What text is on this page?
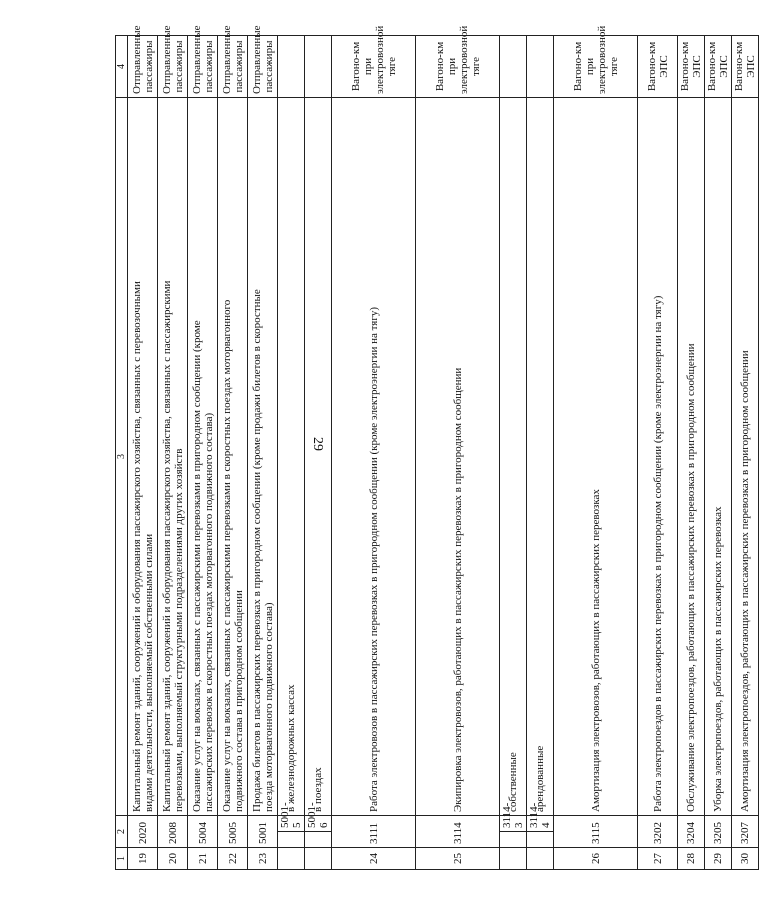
29
1	2		3	4
19	2020		Капитальный ремонт зданий, сооружений и оборудования пассажирского хозяйства, связанных с перевозочными видами деятельности, выполняемый собственными силами	Отправленные пассажиры

20	2008		Капитальный ремонт зданий, сооружений и оборудования пассажирского хозяйства, связанных с пассажирскими перевозками, выполняемый структурными подразделениями других хозяйств	Отправленные пассажиры

21	5004		Оказание услуг на вокзалах, связанных с пассажирскими перевозками в пригородном сообщении (кроме пассажирских перевозок в скоростных поездах моторвагонного подвижного состава)	Отправленные пассажиры

22	5005		Оказание услуг на вокзалах, связанных с пассажирскими перевозками в скоростных поездах моторвагонного подвижного состава в пригородном сообщении	Отправленные пассажиры

23	5001		Продажа билетов в пассажирских перевозках в пригородном сообщении (кроме продажи билетов в скоростные поезда моторвагонного подвижного состава)	Отправленные пассажиры

		5001-5	в железнодорожных кассах	

		5001-6	в поездах	

24	3111		Работа электровозов в пассажирских перевозках в пригородном сообщении (кроме электроэнергии на тягу)	Вагоно-км при электровозной тяге

25	3114		Экипировка электровозов, работающих в пассажирских перевозках в пригородном сообщении	Вагоно-км при электровозной тяге

		3114-3	собственные	

		3114-4	арендованные	

26	3115		Амортизация электровозов, работающих в пассажирских перевозках	Вагоно-км при электровозной тяге

27	3202		Работа электропоездов в пассажирских перевозках в пригородном сообщении (кроме электроэнергии на тягу)	Вагоно-км ЭПС

28	3204		Обслуживание электропоездов, работающих в пассажирских перевозках в пригородном сообщении	Вагоно-км ЭПС

29	3205		Уборка электропоездов, работающих в пассажирских перевозках	Вагоно-км ЭПС

30	3207		Амортизация электропоездов, работающих в пассажирских перевозках в пригородном сообщении	Вагоно-км ЭПС
